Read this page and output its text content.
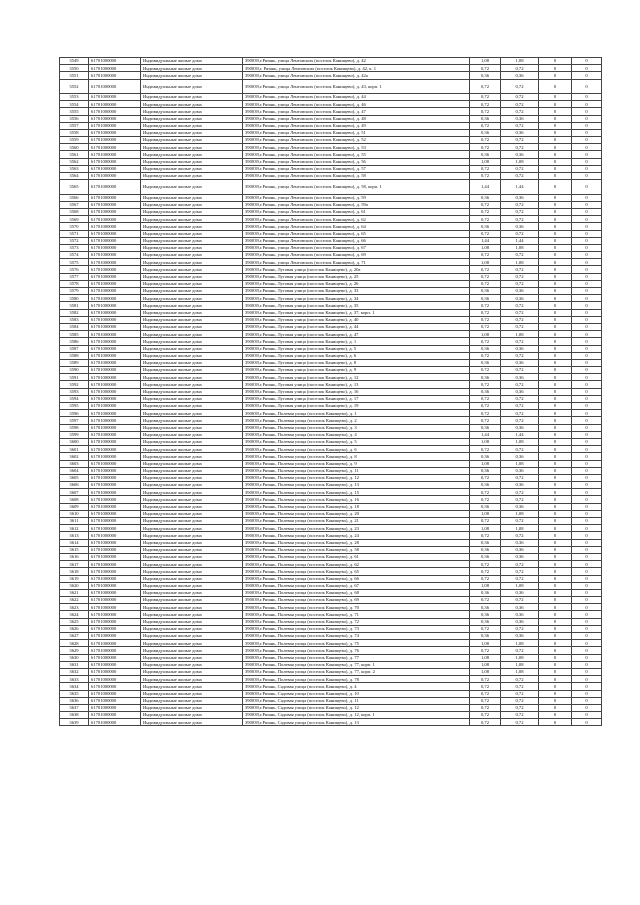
3549	61701000000	Индивидуальные жилые дома	390039,г.Рязань, улица Лентовских (поселок Канищево), д. 42	1,08	1,08	0	0
3550	61701000000	Индивидуальные жилые дома	390039,г. Рязань, улица Лентовских (поселок Канищево), д. 42, к. 1	0,72	0,72	0	0
3551	61701000000	Индивидуальные жилые дома	390039,г.Рязань, улица Лентовских (поселок Канищево), д. 42а	0,36	0,36	0	0
3552	61701000000	Индивидуальные жилые дома	390039,г.Рязань, улица Лентовских (поселок Канищево), д. 43, корп. 1	0,72	0,72	0	0
3553	61701000000	Индивидуальные жилые дома	390039,г.Рязань, улица Лентовских (поселок Канищево), д. 44	0,72	0,72	0	0
3554	61701000000	Индивидуальные жилые дома	390039,г.Рязань, улица Лентовских (поселок Канищево), д. 46	0,72	0,72	0	0
3555	61701000000	Индивидуальные жилые дома	390039,г.Рязань, улица Лентовских (поселок Канищево), д. 47	0,72	0,72	0	0
3556	61701000000	Индивидуальные жилые дома	390039,г.Рязань, улица Лентовских (поселок Канищево), д. 48	0,36	0,36	0	0
3557	61701000000	Индивидуальные жилые дома	390039,г.Рязань, улица Лентовских (поселок Канищево), д. 49	0,72	0,72	0	0
3558	61701000000	Индивидуальные жилые дома	390039,г.Рязань, улица Лентовских (поселок Канищево), д. 51	0,36	0,36	0	0
3559	61701000000	Индивидуальные жилые дома	390039,г.Рязань, улица Лентовских (поселок Канищево), д. 52	0,72	0,72	0	0
3560	61701000000	Индивидуальные жилые дома	390039,г.Рязань, улица Лентовских (поселок Канищево), д. 53	0,72	0,72	0	0
3561	61701000000	Индивидуальные жилые дома	390039,г.Рязань, улица Лентовских (поселок Канищево), д. 55	0,36	0,36	0	0
3562	61701000000	Индивидуальные жилые дома	390039,г.Рязань, улица Лентовских (поселок Канищево), д. 56	1,08	1,08	0	0
3563	61701000000	Индивидуальные жилые дома	390039,г.Рязань, улица Лентовских (поселок Канищево), д. 57	0,72	0,72	0	0
3564	61701000000	Индивидуальные жилые дома	390039,г.Рязань, улица Лентовских (поселок Канищево), д. 58	0,72	0,72	0	0
3565	61701000000	Индивидуальные жилые дома	390039,г.Рязань, улица Лентовских (поселок Канищево), д. 58, корп. 1	1,44	1,44	0	0
3566	61701000000	Индивидуальные жилые дома	390039,г.Рязань, улица Лентовских (поселок Канищево), д. 59	0,36	0,36	0	0
3567	61701000000	Индивидуальные жилые дома	390039,г.Рязань, улица Лентовских (поселок Канищево), д. 59а	0,72	0,72	0	0
3568	61701000000	Индивидуальные жилые дома	390039,г.Рязань, улица Лентовских (поселок Канищево), д. 61	0,72	0,72	0	0
3569	61701000000	Индивидуальные жилые дома	390039,г.Рязань, улица Лентовских (поселок Канищево), д. 62	0,72	0,72	0	0
3570	61701000000	Индивидуальные жилые дома	390039,г.Рязань, улица Лентовских (поселок Канищево), д. 64	0,36	0,36	0	0
3571	61701000000	Индивидуальные жилые дома	390039,г.Рязань, улица Лентовских (поселок Канищево), д. 65	0,72	0,72	0	0
3572	61701000000	Индивидуальные жилые дома	390039,г.Рязань, улица Лентовских (поселок Канищево), д. 66	1,44	1,44	0	0
3573	61701000000	Индивидуальные жилые дома	390039,г.Рязань, улица Лентовских (поселок Канищево), д. 67	1,08	1,08	0	0
3574	61701000000	Индивидуальные жилые дома	390039,г.Рязань, улица Лентовских (поселок Канищево), д. 69	0,72	0,72	0	0
3575	61701000000	Индивидуальные жилые дома	390039,г.Рязань, улица Лентовских (поселок Канищево), д. 71	1,08	1,08	0	0
3576	61701000000	Индивидуальные жилые дома	390039,г.Рязань, Луговая улица (поселок Канищево), д. 20а	0,72	0,72	0	0
3577	61701000000	Индивидуальные жилые дома	390039,г.Рязань, Луговая улица (поселок Канищево), д. 25	0,72	0,72	0	0
3578	61701000000	Индивидуальные жилые дома	390039,г.Рязань, Луговая улица (поселок Канищево), д. 26	0,72	0,72	0	0
3579	61701000000	Индивидуальные жилые дома	390039,г.Рязань, Луговая улица (поселок Канищево), д. 33	0,36	0,36	0	0
3580	61701000000	Индивидуальные жилые дома	390039,г.Рязань, Луговая улица (поселок Канищево), д. 34	0,36	0,36	0	0
3581	61701000000	Индивидуальные жилые дома	390039,г.Рязань, Луговая улица (поселок Канищево), д. 35	0,72	0,72	0	0
3582	61701000000	Индивидуальные жилые дома	390039,г.Рязань, Луговая улица (поселок Канищево), д. 37, корп. 1	0,72	0,72	0	0
3583	61701000000	Индивидуальные жилые дома	390039,г.Рязань, Луговая улица (поселок Канищево), д. 40	0,72	0,72	0	0
3584	61701000000	Индивидуальные жилые дома	390039,г.Рязань, Луговая улица (поселок Канищево), д. 44	0,72	0,72	0	0
3585	61701000000	Индивидуальные жилые дома	390039,г.Рязань, Луговая улица (поселок Канищево), д. 47	1,08	1,08	0	0
3586	61701000000	Индивидуальные жилые дома	390039,г.Рязань, Луговая улица (поселок Канищево), д. 1	0,72	0,72	0	0
3587	61701000000	Индивидуальные жилые дома	390039,г.Рязань, Луговая улица (поселок Канищево), д. 5	0,36	0,36	0	0
3588	61701000000	Индивидуальные жилые дома	390039,г.Рязань, Луговая улица (поселок Канищево), д. 6	0,72	0,72	0	0
3589	61701000000	Индивидуальные жилые дома	390039,г.Рязань, Луговая улица (поселок Канищево), д. 8	0,36	0,36	0	0
3590	61701000000	Индивидуальные жилые дома	390039,г.Рязань, Луговая улица (поселок Канищево), д. 9	0,72	0,72	0	0
3591	61701000000	Индивидуальные жилые дома	390039,г.Рязань, Луговая улица (поселок Канищево), д. 12	0,36	0,36	0	0
3592	61701000000	Индивидуальные жилые дома	390039,г.Рязань, Луговая улица (поселок Канищево), д. 13	0,72	0,72	0	0
3593	61701000000	Индивидуальные жилые дома	390039,г.Рязань, Луговая улица (поселок Канищево), д. 16	0,36	0,36	0	0
3594	61701000000	Индивидуальные жилые дома	390039,г.Рязань, Луговая улица (поселок Канищево), д. 17	0,72	0,72	0	0
3595	61701000000	Индивидуальные жилые дома	390039,г.Рязань, Луговая улица (поселок Канищево), д. 19	0,72	0,72	0	0
3596	61701000000	Индивидуальные жилые дома	390039,г.Рязань, Полевая улица (поселок Канищево), д. 1	0,72	0,72	0	0
3597	61701000000	Индивидуальные жилые дома	390039,г.Рязань, Полевая улица (поселок Канищево), д. 2	0,72	0,72	0	0
3598	61701000000	Индивидуальные жилые дома	390039,г.Рязань, Полевая улица (поселок Канищево), д. 3	0,36	0,36	0	0
3599	61701000000	Индивидуальные жилые дома	390039,г.Рязань, Полевая улица (поселок Канищево), д. 4	1,44	1,44	0	0
3600	61701000000	Индивидуальные жилые дома	390039,г.Рязань, Полевая улица (поселок Канищево), д. 5	1,08	1,08	0	0
3601	61701000000	Индивидуальные жилые дома	390039,г.Рязань, Полевая улица (поселок Канищево), д. 6	0,72	0,72	0	0
3602	61701000000	Индивидуальные жилые дома	390039,г.Рязань, Полевая улица (поселок Канищево), д. 8	0,36	0,36	0	0
3603	61701000000	Индивидуальные жилые дома	390039,г.Рязань, Полевая улица (поселок Канищево), д. 9	1,08	1,08	0	0
3604	61701000000	Индивидуальные жилые дома	390039,г.Рязань, Полевая улица (поселок Канищево), д. 11	0,36	0,36	0	0
3605	61701000000	Индивидуальные жилые дома	390039,г.Рязань, Полевая улица (поселок Канищево), д. 12	0,72	0,72	0	0
3606	61701000000	Индивидуальные жилые дома	390039,г.Рязань, Полевая улица (поселок Канищево), д. 13	0,36	0,36	0	0
3607	61701000000	Индивидуальные жилые дома	390039,г.Рязань, Полевая улица (поселок Канищево), д. 15	0,72	0,72	0	0
3608	61701000000	Индивидуальные жилые дома	390039,г.Рязань, Полевая улица (поселок Канищево), д. 16	0,72	0,72	0	0
3609	61701000000	Индивидуальные жилые дома	390039,г.Рязань, Полевая улица (поселок Канищево), д. 18	0,36	0,36	0	0
3610	61701000000	Индивидуальные жилые дома	390039,г.Рязань, Полевая улица (поселок Канищево), д. 20	1,08	1,08	0	0
3611	61701000000	Индивидуальные жилые дома	390039,г.Рязань, Полевая улица (поселок Канищево), д. 21	0,72	0,72	0	0
3612	61701000000	Индивидуальные жилые дома	390039,г.Рязань, Полевая улица (поселок Канищево), д. 23	1,08	1,08	0	0
3613	61701000000	Индивидуальные жилые дома	390039,г.Рязань, Полевая улица (поселок Канищево), д. 24	0,72	0,72	0	0
3614	61701000000	Индивидуальные жилые дома	390039,г.Рязань, Полевая улица (поселок Канищево), д. 28	0,36	0,36	0	0
3615	61701000000	Индивидуальные жилые дома	390039,г.Рязань, Полевая улица (поселок Канищево), д. 58	0,36	0,36	0	0
3616	61701000000	Индивидуальные жилые дома	390039,г.Рязань, Полевая улица (поселок Канищево), д. 61	0,36	0,36	0	0
3617	61701000000	Индивидуальные жилые дома	390039,г.Рязань, Полевая улица (поселок Канищево), д. 62	0,72	0,72	0	0
3618	61701000000	Индивидуальные жилые дома	390039,г.Рязань, Полевая улица (поселок Канищево), д. 65	0,72	0,72	0	0
3619	61701000000	Индивидуальные жилые дома	390039,г.Рязань, Полевая улица (поселок Канищево), д. 66	0,72	0,72	0	0
3620	61701000000	Индивидуальные жилые дома	390039,г.Рязань, Полевая улица (поселок Канищево), д. 67	1,08	1,08	0	0
3621	61701000000	Индивидуальные жилые дома	390039,г.Рязань, Полевая улица (поселок Канищево), д. 68	0,36	0,36	0	0
3622	61701000000	Индивидуальные жилые дома	390039,г.Рязань, Полевая улица (поселок Канищево), д. 69	0,72	0,72	0	0
3623	61701000000	Индивидуальные жилые дома	390039,г.Рязань, Полевая улица (поселок Канищево), д. 70	0,36	0,36	0	0
3624	61701000000	Индивидуальные жилые дома	390039,г.Рязань, Полевая улица (поселок Канищево), д. 71	0,36	0,36	0	0
3625	61701000000	Индивидуальные жилые дома	390039,г.Рязань, Полевая улица (поселок Канищево), д. 72	0,36	0,36	0	0
3626	61701000000	Индивидуальные жилые дома	390039,г.Рязань, Полевая улица (поселок Канищево), д. 73	0,72	0,72	0	0
3627	61701000000	Индивидуальные жилые дома	390039,г.Рязань, Полевая улица (поселок Канищево), д. 74	0,36	0,36	0	0
3628	61701000000	Индивидуальные жилые дома	390039,г.Рязань, Полевая улица (поселок Канищево), д. 75	1,08	1,08	0	0
3629	61701000000	Индивидуальные жилые дома	390039,г.Рязань, Полевая улица (поселок Канищево), д. 76	0,72	0,72	0	0
3630	61701000000	Индивидуальные жилые дома	390039,г.Рязань, Полевая улица (поселок Канищево), д. 77	1,08	1,08	0	0
3631	61701000000	Индивидуальные жилые дома	390039,г.Рязань, Полевая улица (поселок Канищево), д. 77, корп. 1	1,08	1,08	0	0
3632	61701000000	Индивидуальные жилые дома	390039,г.Рязань, Полевая улица (поселок Канищево), д. 77, корп. 2	1,08	1,08	0	0
3633	61701000000	Индивидуальные жилые дома	390039,г.Рязань, Полевая улица (поселок Канищево), д. 78	0,72	0,72	0	0
3634	61701000000	Индивидуальные жилые дома	390039,г.Рязань, Садовая улица (поселок Канищево), д. 4	0,72	0,72	0	0
3635	61701000000	Индивидуальные жилые дома	390039,г.Рязань, Садовая улица (поселок Канищево), д. 10	0,72	0,72	0	0
3636	61701000000	Индивидуальные жилые дома	390039,г.Рязань, Садовая улица (поселок Канищево), д. 11	0,72	0,72	0	0
3637	61701000000	Индивидуальные жилые дома	390039,г.Рязань, Садовая улица (поселок Канищево), д. 12	0,72	0,72	0	0
3638	61701000000	Индивидуальные жилые дома	390039,г.Рязань, Садовая улица (поселок Канищево), д. 12, корп. 1	0,72	0,72	0	0
3639	61701000000	Индивидуальные жилые дома	390039,г.Рязань, Садовая улица (поселок Канищево), д. 13	0,72	0,72	0	0
